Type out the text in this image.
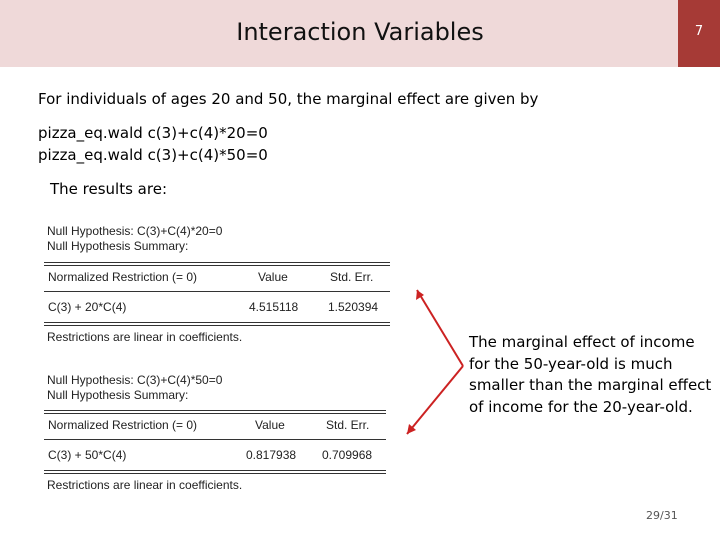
Interaction Variables	7
For individuals of ages 20 and 50, the marginal effect are given by
pizza_eq.wald c(3)+c(4)*20=0
pizza_eq.wald c(3)+c(4)*50=0
The results are:
Null Hypothesis: C(3)+C(4)*20=0
Null Hypothesis Summary:
Normalized Restriction (= 0)	Value	Std. Err.
C(3) + 20*C(4)	4.515118 1.520394
Restrictions are linear in coefficients.
Null Hypothesis: C(3)+C(4)*50=0
Null Hypothesis Summary:
Normalized Restriction (= 0)	Value	Std. Err.
C(3) + 50*C(4)	0.817938 0.709968
Restrictions are linear in coefficients.
The marginal effect of income for the 50-year-old is much smaller than the marginal effect of income for the 20-year-old.
29/31
